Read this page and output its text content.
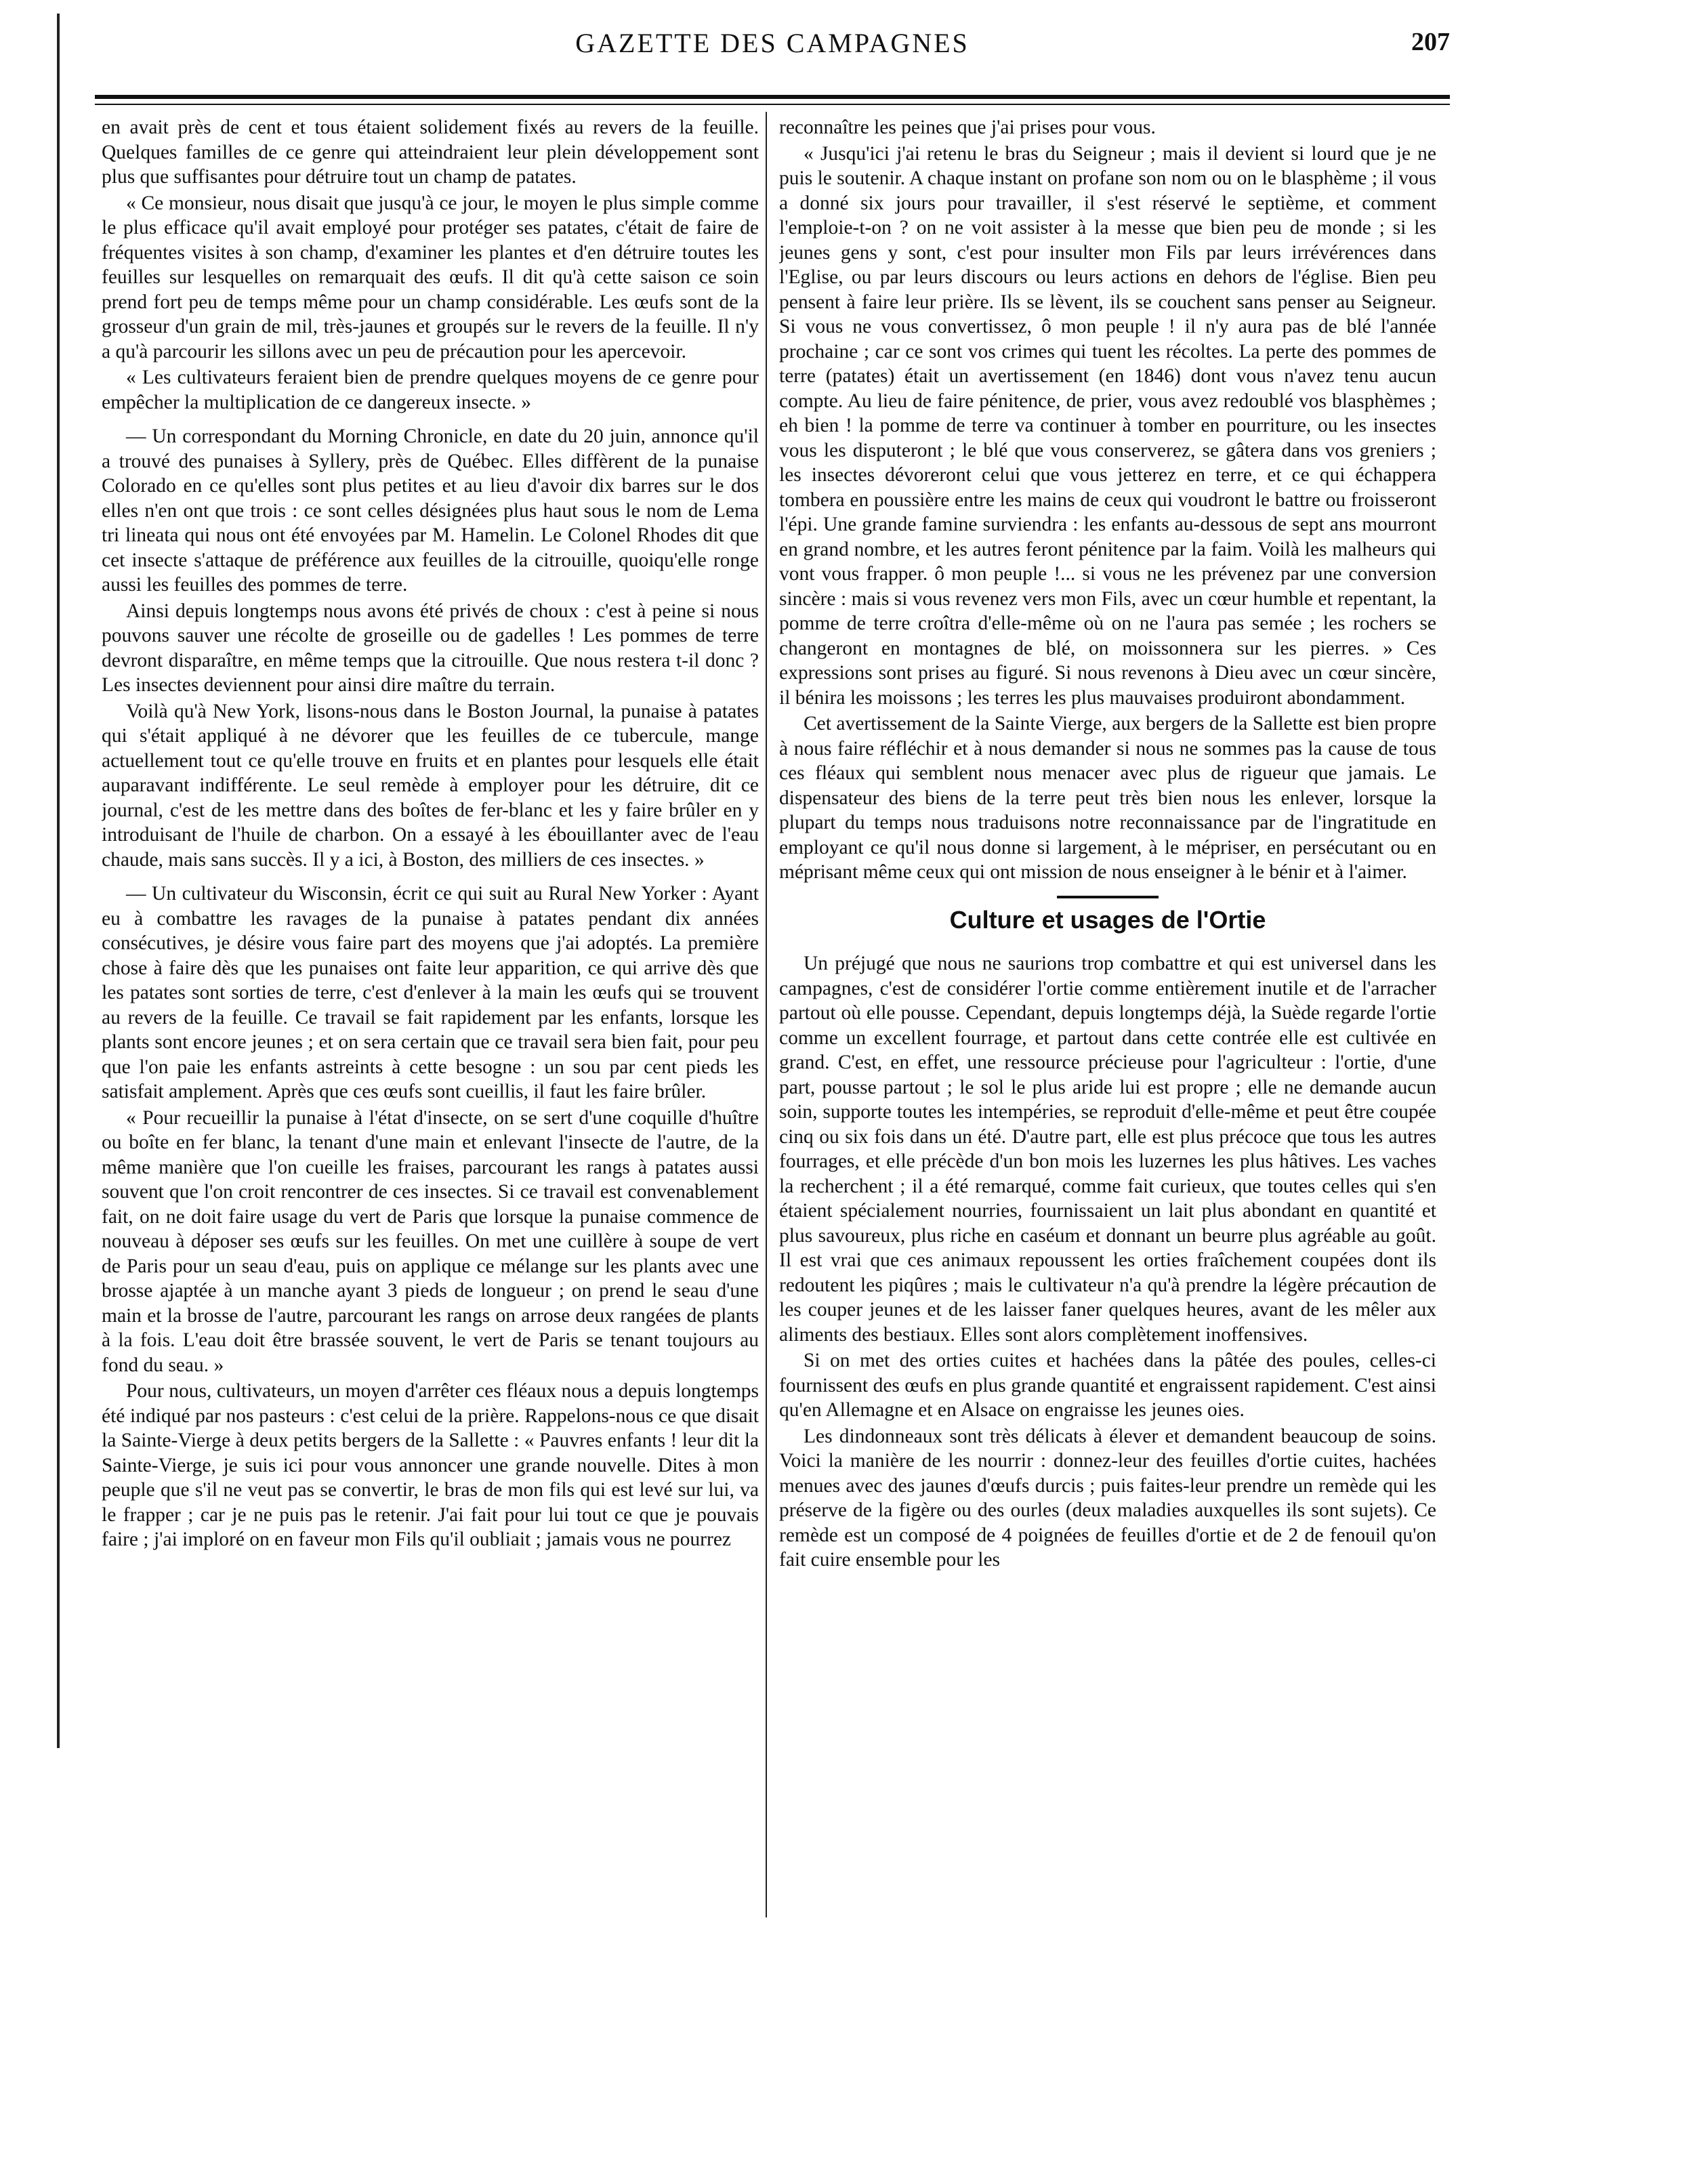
GAZETTE DES CAMPAGNES	207

en avait près de cent et tous étaient solidement fixés au revers de la feuille. Quelques familles de ce genre qui atteindraient leur plein développement sont plus que suffisantes pour détruire tout un champ de patates.

« Ce monsieur, nous disait que jusqu'à ce jour, le moyen le plus simple comme le plus efficace qu'il avait employé pour protéger ses patates, c'était de faire de fréquentes visites à son champ, d'examiner les plantes et d'en détruire toutes les feuilles sur lesquelles on remarquait des œufs. Il dit qu'à cette saison ce soin prend fort peu de temps même pour un champ considérable. Les œufs sont de la grosseur d'un grain de mil, très-jaunes et groupés sur le revers de la feuille. Il n'y a qu'à parcourir les sillons avec un peu de précaution pour les apercevoir.

« Les cultivateurs feraient bien de prendre quelques moyens de ce genre pour empêcher la multiplication de ce dangereux insecte. »

— Un correspondant du Morning Chronicle, en date du 20 juin, annonce qu'il a trouvé des punaises à Syllery, près de Québec. Elles diffèrent de la punaise Colorado en ce qu'elles sont plus petites et au lieu d'avoir dix barres sur le dos elles n'en ont que trois : ce sont celles désignées plus haut sous le nom de Lema tri lineata qui nous ont été envoyées par M. Hamelin. Le Colonel Rhodes dit que cet insecte s'attaque de préférence aux feuilles de la citrouille, quoiqu'elle ronge aussi les feuilles des pommes de terre.

Ainsi depuis longtemps nous avons été privés de choux : c'est à peine si nous pouvons sauver une récolte de groseille ou de gadelles ! Les pommes de terre devront disparaître, en même temps que la citrouille. Que nous restera t-il donc ? Les insectes deviennent pour ainsi dire maître du terrain.

Voilà qu'à New York, lisons-nous dans le Boston Journal, la punaise à patates qui s'était appliqué à ne dévorer que les feuilles de ce tubercule, mange actuellement tout ce qu'elle trouve en fruits et en plantes pour lesquels elle était auparavant indifférente. Le seul remède à employer pour les détruire, dit ce journal, c'est de les mettre dans des boîtes de fer-blanc et les y faire brûler en y introduisant de l'huile de charbon. On a essayé à les ébouillanter avec de l'eau chaude, mais sans succès. Il y a ici, à Boston, des milliers de ces insectes. »

— Un cultivateur du Wisconsin, écrit ce qui suit au Rural New Yorker : Ayant eu à combattre les ravages de la punaise à patates pendant dix années consécutives, je désire vous faire part des moyens que j'ai adoptés. La première chose à faire dès que les punaises ont faite leur apparition, ce qui arrive dès que les patates sont sorties de terre, c'est d'enlever à la main les œufs qui se trouvent au revers de la feuille. Ce travail se fait rapidement par les enfants, lorsque les plants sont encore jeunes ; et on sera certain que ce travail sera bien fait, pour peu que l'on paie les enfants astreints à cette besogne : un sou par cent pieds les satisfait amplement. Après que ces œufs sont cueillis, il faut les faire brûler.

« Pour recueillir la punaise à l'état d'insecte, on se sert d'une coquille d'huître ou boîte en fer blanc, la tenant d'une main et enlevant l'insecte de l'autre, de la même manière que l'on cueille les fraises, parcourant les rangs à patates aussi souvent que l'on croit rencontrer de ces insectes. Si ce travail est convenablement fait, on ne doit faire usage du vert de Paris que lorsque la punaise commence de nouveau à déposer ses œufs sur les feuilles. On met une cuillère à soupe de vert de Paris pour un seau d'eau, puis on applique ce mélange sur les plants avec une brosse ajaptée à un manche ayant 3 pieds de longueur ; on prend le seau d'une main et la brosse de l'autre, parcourant les rangs on arrose deux rangées de plants à la fois. L'eau doit être brassée souvent, le vert de Paris se tenant toujours au fond du seau. »

Pour nous, cultivateurs, un moyen d'arrêter ces fléaux nous a depuis longtemps été indiqué par nos pasteurs : c'est celui de la prière. Rappelons-nous ce que disait la Sainte-Vierge à deux petits bergers de la Sallette : « Pauvres enfants ! leur dit la Sainte-Vierge, je suis ici pour vous annoncer une grande nouvelle. Dites à mon peuple que s'il ne veut pas se convertir, le bras de mon fils qui est levé sur lui, va le frapper ; car je ne puis pas le retenir. J'ai fait pour lui tout ce que je pouvais faire ; j'ai imploré on en faveur mon Fils qu'il oubliait ; jamais vous ne pourrez

reconnaître les peines que j'ai prises pour vous.

« Jusqu'ici j'ai retenu le bras du Seigneur ; mais il devient si lourd que je ne puis le soutenir. A chaque instant on profane son nom ou on le blasphème ; il vous a donné six jours pour travailler, il s'est réservé le septième, et comment l'emploie-t-on ? on ne voit assister à la messe que bien peu de monde ; si les jeunes gens y sont, c'est pour insulter mon Fils par leurs irrévérences dans l'Eglise, ou par leurs discours ou leurs actions en dehors de l'église. Bien peu pensent à faire leur prière. Ils se lèvent, ils se couchent sans penser au Seigneur. Si vous ne vous convertissez, ô mon peuple ! il n'y aura pas de blé l'année prochaine ; car ce sont vos crimes qui tuent les récoltes. La perte des pommes de terre (patates) était un avertissement (en 1846) dont vous n'avez tenu aucun compte. Au lieu de faire pénitence, de prier, vous avez redoublé vos blasphèmes ; eh bien ! la pomme de terre va continuer à tomber en pourriture, ou les insectes vous les disputeront ; le blé que vous conserverez, se gâtera dans vos greniers ; les insectes dévoreront celui que vous jetterez en terre, et ce qui échappera tombera en poussière entre les mains de ceux qui voudront le battre ou froisseront l'épi. Une grande famine surviendra : les enfants au-dessous de sept ans mourront en grand nombre, et les autres feront pénitence par la faim. Voilà les malheurs qui vont vous frapper. ô mon peuple !... si vous ne les prévenez par une conversion sincère : mais si vous revenez vers mon Fils, avec un cœur humble et repentant, la pomme de terre croîtra d'elle-même où on ne l'aura pas semée ; les rochers se changeront en montagnes de blé, on moissonnera sur les pierres. » Ces expressions sont prises au figuré. Si nous revenons à Dieu avec un cœur sincère, il bénira les moissons ; les terres les plus mauvaises produiront abondamment.

Cet avertissement de la Sainte Vierge, aux bergers de la Sallette est bien propre à nous faire réfléchir et à nous demander si nous ne sommes pas la cause de tous ces fléaux qui semblent nous menacer avec plus de rigueur que jamais. Le dispensateur des biens de la terre peut très bien nous les enlever, lorsque la plupart du temps nous traduisons notre reconnaissance par de l'ingratitude en employant ce qu'il nous donne si largement, à le mépriser, en persécutant ou en méprisant même ceux qui ont mission de nous enseigner à le bénir et à l'aimer.

Culture et usages de l'Ortie

Un préjugé que nous ne saurions trop combattre et qui est universel dans les campagnes, c'est de considérer l'ortie comme entièrement inutile et de l'arracher partout où elle pousse. Cependant, depuis longtemps déjà, la Suède regarde l'ortie comme un excellent fourrage, et partout dans cette contrée elle est cultivée en grand. C'est, en effet, une ressource précieuse pour l'agriculteur : l'ortie, d'une part, pousse partout ; le sol le plus aride lui est propre ; elle ne demande aucun soin, supporte toutes les intempéries, se reproduit d'elle-même et peut être coupée cinq ou six fois dans un été. D'autre part, elle est plus précoce que tous les autres fourrages, et elle précède d'un bon mois les luzernes les plus hâtives. Les vaches la recherchent ; il a été remarqué, comme fait curieux, que toutes celles qui s'en étaient spécialement nourries, fournissaient un lait plus abondant en quantité et plus savoureux, plus riche en caséum et donnant un beurre plus agréable au goût. Il est vrai que ces animaux repoussent les orties fraîchement coupées dont ils redoutent les piqûres ; mais le cultivateur n'a qu'à prendre la légère précaution de les couper jeunes et de les laisser faner quelques heures, avant de les mêler aux aliments des bestiaux. Elles sont alors complètement inoffensives.

Si on met des orties cuites et hachées dans la pâtée des poules, celles-ci fournissent des œufs en plus grande quantité et engraissent rapidement. C'est ainsi qu'en Allemagne et en Alsace on engraisse les jeunes oies.

Les dindonneaux sont très délicats à élever et demandent beaucoup de soins. Voici la manière de les nourrir : donnez-leur des feuilles d'ortie cuites, hachées menues avec des jaunes d'œufs durcis ; puis faites-leur prendre un remède qui les préserve de la figère ou des ourles (deux maladies auxquelles ils sont sujets). Ce remède est un composé de 4 poignées de feuilles d'ortie et de 2 de fenouil qu'on fait cuire ensemble pour les
